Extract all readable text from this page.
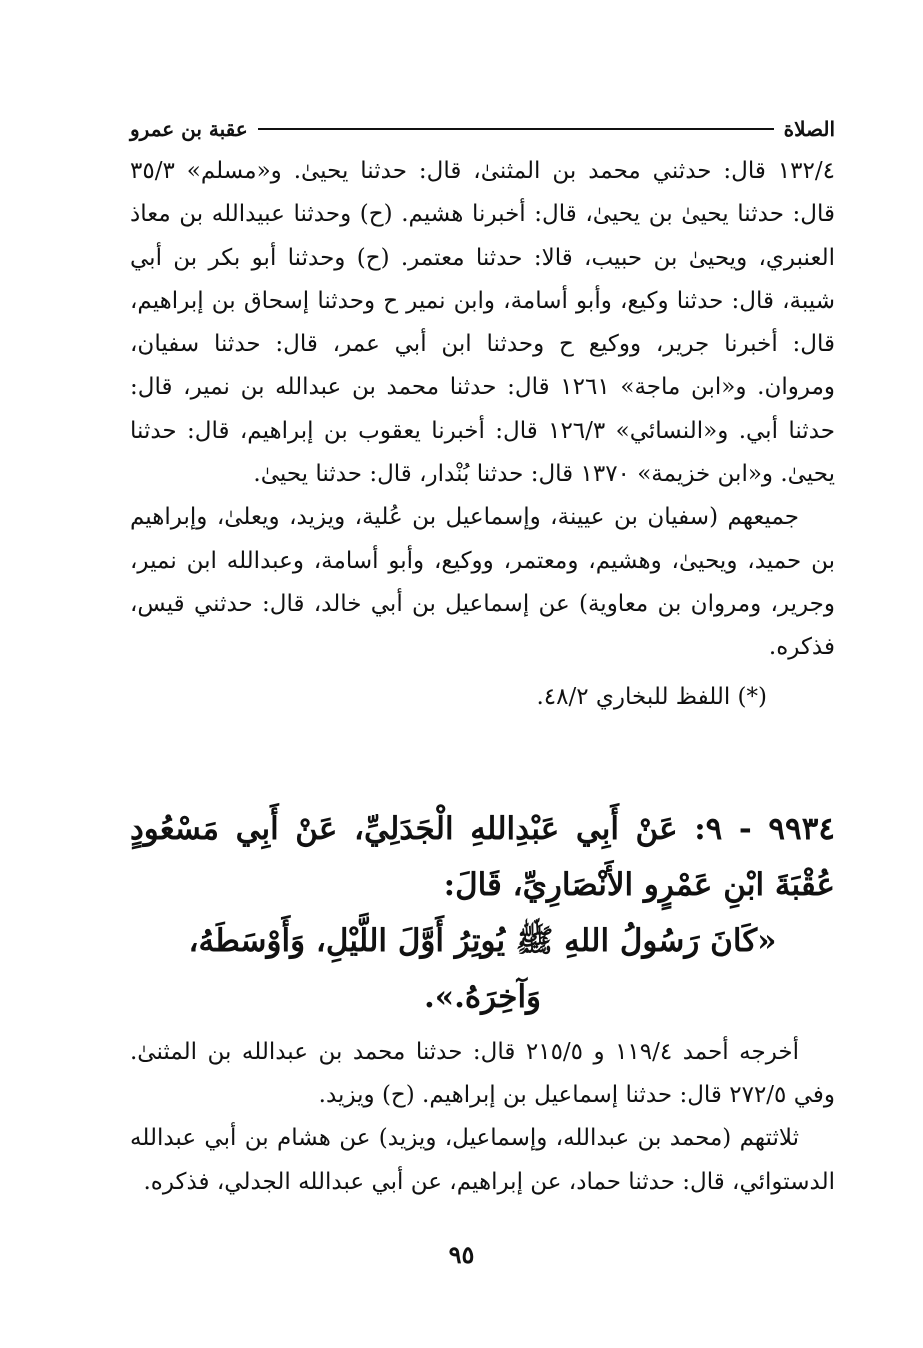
الصلاة
عقبة بن عمرو

١٣٢/٤ قال: حدثني محمد بن المثنىٰ، قال: حدثنا يحيىٰ. و«مسلم» ٣٥/٣ قال: حدثنا يحيىٰ بن يحيىٰ، قال: أخبرنا هشيم. (ح) وحدثنا عبيدالله بن معاذ العنبري، ويحيىٰ بن حبيب، قالا: حدثنا معتمر. (ح) وحدثنا أبو بكر بن أبي شيبة، قال: حدثنا وكيع، وأبو أسامة، وابن نمير ح وحدثنا إسحاق بن إبراهيم، قال: أخبرنا جرير، ووكيع ح وحدثنا ابن أبي عمر، قال: حدثنا سفيان، ومروان. و«ابن ماجة» ١٢٦١ قال: حدثنا محمد بن عبدالله بن نمير، قال: حدثنا أبي. و«النسائي» ١٢٦/٣ قال: أخبرنا يعقوب بن إبراهيم، قال: حدثنا يحيىٰ. و«ابن خزيمة» ١٣٧٠ قال: حدثنا بُنْدار، قال: حدثنا يحيىٰ.

جميعهم (سفيان بن عيينة، وإسماعيل بن عُلية، ويزيد، ويعلىٰ، وإبراهيم بن حميد، ويحيىٰ، وهشيم، ومعتمر، ووكيع، وأبو أسامة، وعبدالله ابن نمير، وجرير، ومروان بن معاوية) عن إسماعيل بن أبي خالد، قال: حدثني قيس، فذكره.

(*) اللفظ للبخاري ٤٨/٢.

٩٩٣٤ - ٩: عَنْ أَبِي عَبْدِاللهِ الْجَدَلِيِّ، عَنْ أَبِي مَسْعُودٍ عُقْبَةَ ابْنِ عَمْرٍو الأَنْصَارِيِّ، قَالَ:

«كَانَ رَسُولُ اللهِ ﷺ يُوتِرُ أَوَّلَ اللَّيْلِ، وَأَوْسَطَهُ، وَآخِرَهُ.».

أخرجه أحمد ١١٩/٤ و ٢١٥/٥ قال: حدثنا محمد بن عبدالله بن المثنىٰ. وفي ٢٧٢/٥ قال: حدثنا إسماعيل بن إبراهيم. (ح) ويزيد.

ثلاثتهم (محمد بن عبدالله، وإسماعيل، ويزيد) عن هشام بن أبي عبدالله الدستوائي، قال: حدثنا حماد، عن إبراهيم، عن أبي عبدالله الجدلي، فذكره.

٩٥
